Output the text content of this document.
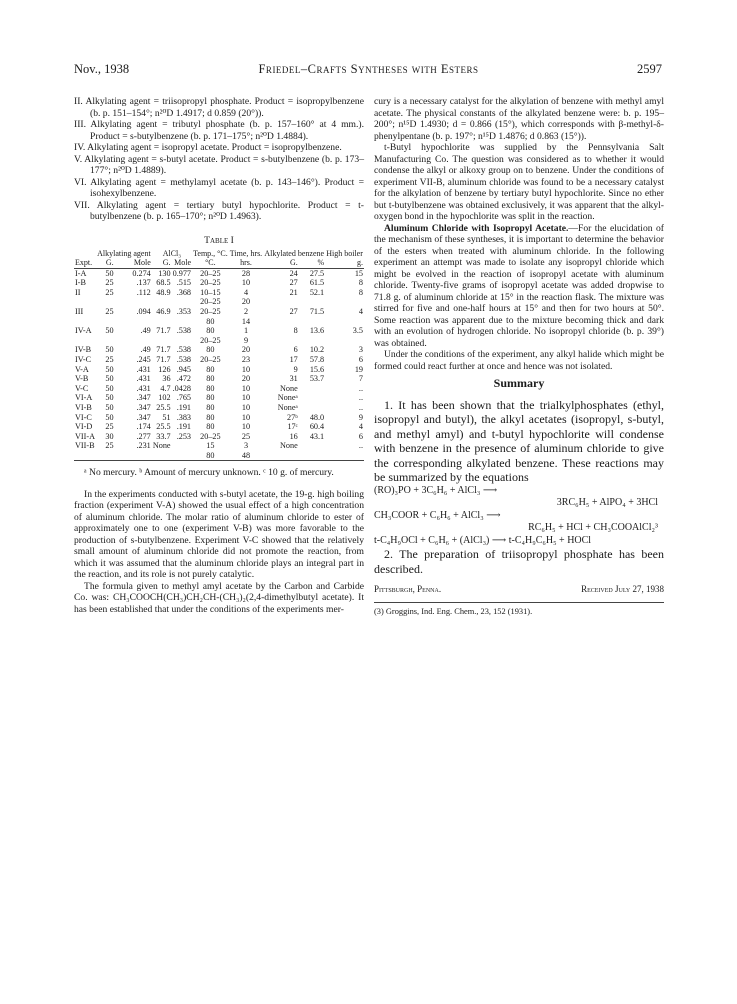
Nov., 1938	Friedel–Crafts Syntheses with Esters	2597

II. Alkylating agent = triisopropyl phosphate. Product = isopropylbenzene (b. p. 151–154°; n²⁰D 1.4917; d 0.859 (20°)).

III. Alkylating agent = tributyl phosphate (b. p. 157–160° at 4 mm.). Product = s-butylbenzene (b. p. 171–175°; n²⁰D 1.4884).

IV. Alkylating agent = isopropyl acetate. Product = isopropylbenzene.

V. Alkylating agent = s-butyl acetate. Product = s-butylbenzene (b. p. 173–177°; n²⁰D 1.4889).

VI. Alkylating agent = methylamyl acetate (b. p. 143–146°). Product = isohexylbenzene.

VII. Alkylating agent = tertiary butyl hypochlorite. Product = t-butylbenzene (b. p. 165–170°; n²⁰D 1.4963).

Table I
	Alkylating agent		AlCl₃		Temp., °C.	Time, hrs.	Alkylated benzene		High boiler
Expt.	G.	Mole	G.	Mole	°C.	hrs.	G.	%	g.
I-A	50	0.274	130	0.977	20–25	28	24	27.5	15
I-B	25	.137	68.5	.515	20–25	10	27	61.5	8
II	25	.112	48.9	.368	10–15	4	21	52.1	8
					20–25	20			
III	25	.094	46.9	.353	20–25	2	27	71.5	4
					80	14			
IV-A	50	.49	71.7	.538	80	1	8	13.6	3.5
					20–25	9			
IV-B	50	.49	71.7	.538	80	20	6	10.2	3
IV-C	25	.245	71.7	.538	20–25	23	17	57.8	6
V-A	50	.431	126	.945	80	10	9	15.6	19
V-B	50	.431	36	.472	80	20	31	53.7	7
V-C	50	.431	4.7	.0428	80	10	None		..
VI-A	50	.347	102	.765	80	10	Noneᵃ		..
VI-B	50	.347	25.5	.191	80	10	Noneᵃ		..
VI-C	50	.347	51	.383	80	10	27ᵇ	48.0	9
VI-D	25	.174	25.5	.191	80	10	17ᶜ	60.4	4
VII-A	30	.277	33.7	.253	20–25	25	16	43.1	6
VII-B	25	.231	None		15	3	None		..
					80	48			

ᵃ No mercury. ᵇ Amount of mercury unknown. ᶜ 10 g. of mercury.

In the experiments conducted with s-butyl acetate, the 19-g. high boiling fraction (experiment V-A) showed the usual effect of a high concentration of aluminum chloride. The molar ratio of aluminum chloride to ester of approximately one to one (experiment V-B) was more favorable to the production of s-butylbenzene. Experiment V-C showed that the relatively small amount of aluminum chloride did not promote the reaction, from which it was assumed that the aluminum chloride plays an integral part in the reaction, and its role is not purely catalytic.

The formula given to methyl amyl acetate by the Carbon and Carbide Co. was: CH₃COOCH(CH₃)CH₂CH-(CH₃)₂(2,4-dimethylbutyl acetate). It has been established that under the conditions of the experiments mer-

cury is a necessary catalyst for the alkylation of benzene with methyl amyl acetate. The physical constants of the alkylated benzene were: b. p. 195–200°; n¹⁵D 1.4930; d = 0.866 (15°), which corresponds with β-methyl-δ-phenylpentane (b. p. 197°; n¹⁵D 1.4876; d 0.863 (15°)).

t-Butyl hypochlorite was supplied by the Pennsylvania Salt Manufacturing Co. The question was considered as to whether it would condense the alkyl or alkoxy group on to benzene. Under the conditions of experiment VII-B, aluminum chloride was found to be a necessary catalyst for the alkylation of benzene by tertiary butyl hypochlorite. Since no ether but t-butylbenzene was obtained exclusively, it was apparent that the alkyl-oxygen bond in the hypochlorite was split in the reaction.

Aluminum Chloride with Isopropyl Acetate.—For the elucidation of the mechanism of these syntheses, it is important to determine the behavior of the esters when treated with aluminum chloride. In the following experiment an attempt was made to isolate any isopropyl chloride which might be evolved in the reaction of isopropyl acetate with aluminum chloride. Twenty-five grams of isopropyl acetate was added dropwise to 71.8 g. of aluminum chloride at 15° in the reaction flask. The mixture was stirred for five and one-half hours at 15° and then for two hours at 50°. Some reaction was apparent due to the mixture becoming thick and dark with an evolution of hydrogen chloride. No isopropyl chloride (b. p. 39°) was obtained.

Under the conditions of the experiment, any alkyl halide which might be formed could react further at once and hence was not isolated.

Summary

1. It has been shown that the trialkylphosphates (ethyl, isopropyl and butyl), the alkyl acetates (isopropyl, s-butyl, and methyl amyl) and t-butyl hypochlorite will condense with benzene in the presence of aluminum chloride to give the corresponding alkylated benzene. These reactions may be summarized by the equations

(RO)₃PO + 3C₆H₆ + AlCl₃ ⟶
3RC₆H₅ + AlPO₄ + 3HCl
CH₃COOR + C₆H₆ + AlCl₃ ⟶
RC₆H₅ + HCl + CH₃COOAlCl₂³
t-C₄H₉OCl + C₆H₆ + (AlCl₃) ⟶ t-C₄H₉C₆H₅ + HOCl

2. The preparation of triisopropyl phosphate has been described.

Pittsburgh, Penna.	Received July 27, 1938
(3) Groggins, Ind. Eng. Chem., 23, 152 (1931).
